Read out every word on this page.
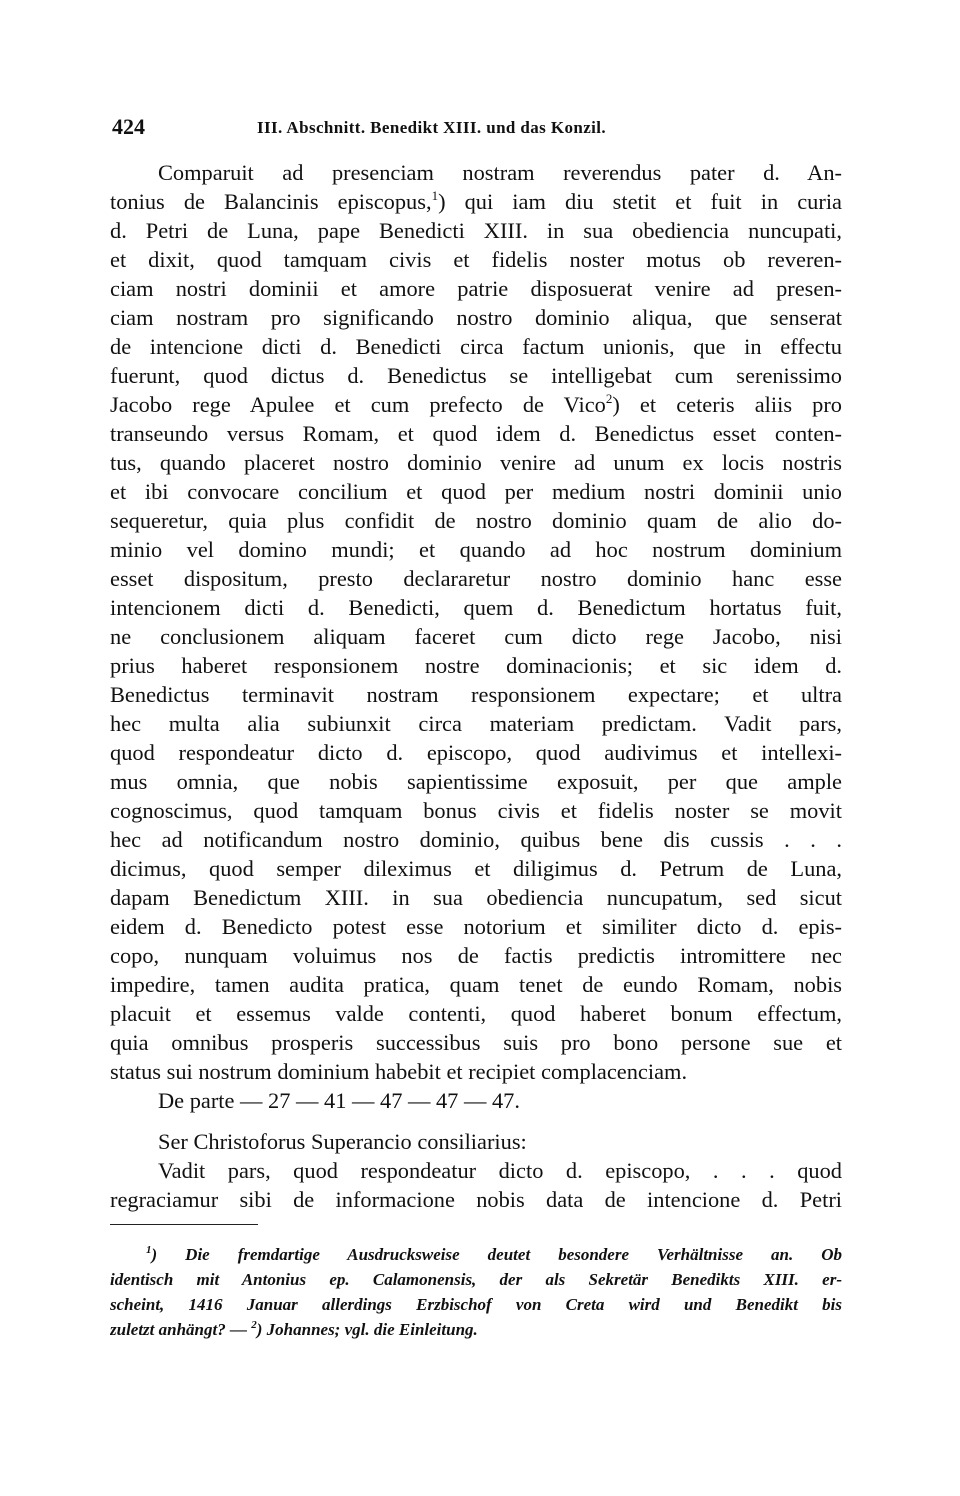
424	III. Abschnitt. Benedikt XIII. und das Konzil.
Comparuit ad presenciam nostram reverendus pater d. An-
tonius de Balancinis episcopus,$^1$) qui iam diu stetit et fuit in curia
d. Petri de Luna, pape Benedicti XIII. in sua obediencia nuncupati,
et dixit, quod tamquam civis et fidelis noster motus ob reveren-
ciam nostri dominii et amore patrie disposuerat venire ad presen-
ciam nostram pro significando nostro dominio aliqua, que senserat
de intencione dicti d. Benedicti circa factum unionis, que in effectu
fuerunt, quod dictus d. Benedictus se intelligebat cum serenissimo
Jacobo rege Apulee et cum prefecto de Vico$^2$) et ceteris aliis pro
transeundo versus Romam, et quod idem d. Benedictus esset conten-
tus, quando placeret nostro dominio venire ad unum ex locis nostris
et ibi convocare concilium et quod per medium nostri dominii unio
sequeretur, quia plus confidit de nostro dominio quam de alio do-
minio vel domino mundi; et quando ad hoc nostrum dominium
esset dispositum, presto declararetur nostro dominio hanc esse
intencionem dicti d. Benedicti, quem d. Benedictum hortatus fuit,
ne conclusionem aliquam faceret cum dicto rege Jacobo, nisi
prius haberet responsionem nostre dominacionis; et sic idem d.
Benedictus terminavit nostram responsionem expectare; et ultra
hec multa alia subiunxit circa materiam predictam. Vadit pars,
quod respondeatur dicto d. episcopo, quod audivimus et intellexi-
mus omnia, que nobis sapientissime exposuit, per que ample
cognoscimus, quod tamquam bonus civis et fidelis noster se movit
hec ad notificandum nostro dominio, quibus bene dis cussis . . .
dicimus, quod semper dileximus et diligimus d. Petrum de Luna,
dapam Benedictum XIII. in sua obediencia nuncupatum, sed sicut
eidem d. Benedicto potest esse notorium et similiter dicto d. epis-
copo, nunquam voluimus nos de factis predictis intromittere nec
impedire, tamen audita pratica, quam tenet de eundo Romam, nobis
placuit et essemus valde contenti, quod haberet bonum effectum,
quia omnibus prosperis successibus suis pro bono persone sue et
status sui nostrum dominium habebit et recipiet complacenciam.
De parte — 27 — 41 — 47 — 47 — 47.
Ser Christoforus Superancio consiliarius:
Vadit pars, quod respondeatur dicto d. episcopo, . . . quod
regraciamur sibi de informacione nobis data de intencione d. Petri
$^1$) Die fremdartige Ausdrucksweise deutet besondere Verhältnisse an. Ob
identisch mit Antonius ep. Calamonensis, der als Sekretär Benedikts XIII. er-
scheint, 1416 Januar allerdings Erzbischof von Creta wird und Benedikt bis
zuletzt anhängt? — $^2$) Johannes; vgl. die Einleitung.
